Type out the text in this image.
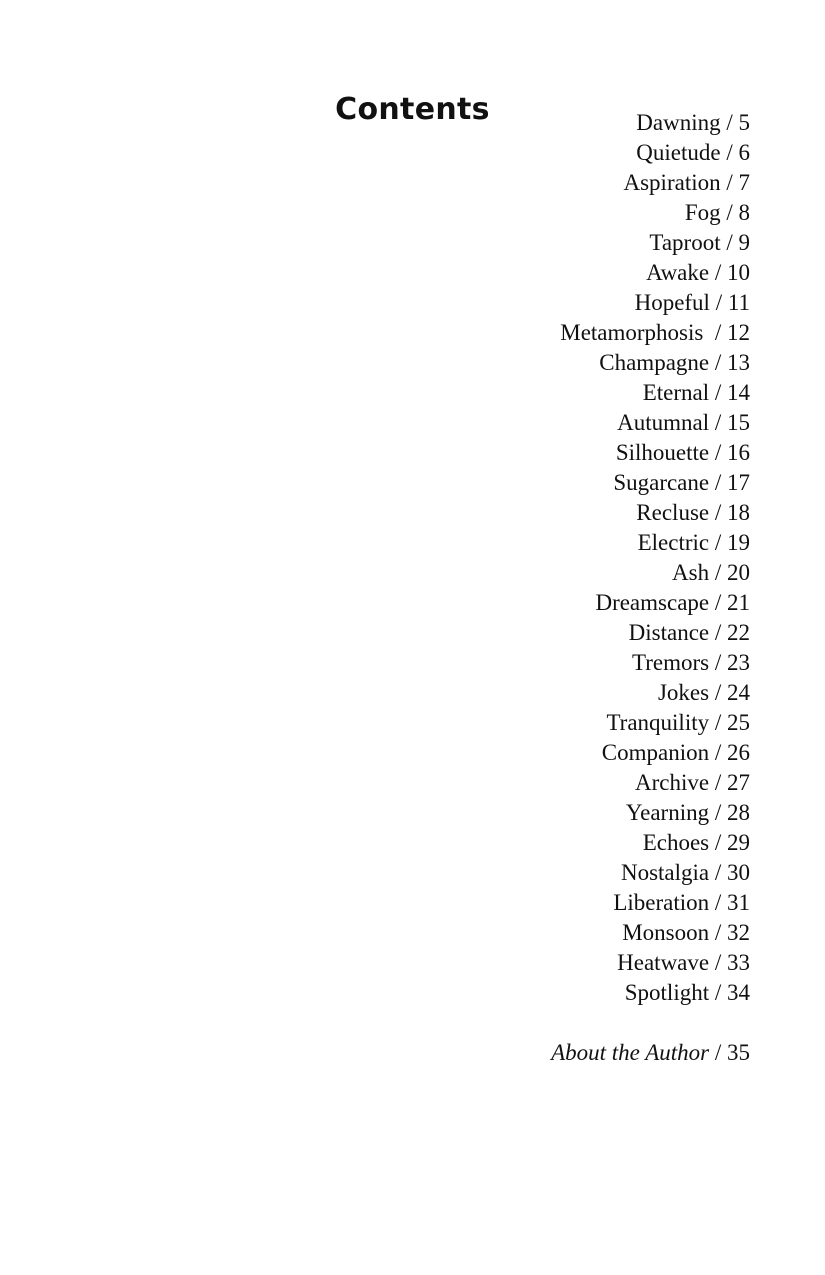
Contents	Dawning / 5
Quietude / 6
Aspiration / 7
Fog / 8
Taproot / 9
Awake / 10
Hopeful / 11
Metamorphosis  / 12
Champagne / 13
Eternal / 14
Autumnal / 15
Silhouette / 16
Sugarcane / 17
Recluse / 18
Electric / 19
Ash / 20
Dreamscape / 21
Distance / 22
Tremors / 23
Jokes / 24
Tranquility / 25
Companion / 26
Archive / 27
Yearning / 28
Echoes / 29
Nostalgia / 30
Liberation / 31
Monsoon / 32
Heatwave / 33
Spotlight / 34
About the Author / 35
